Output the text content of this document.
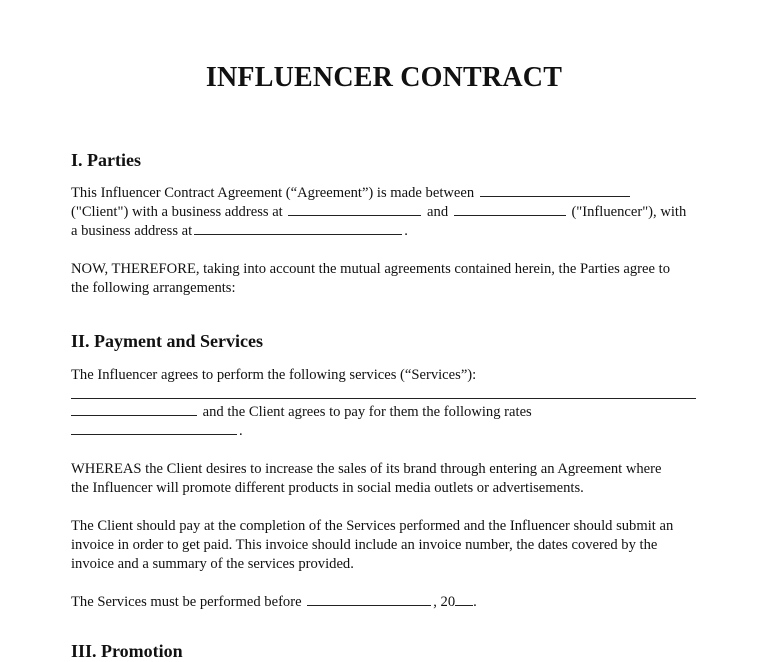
INFLUENCER CONTRACT
I. Parties
This Influencer Contract Agreement (“Agreement”) is made between
("Client") with a business address at	and	("Influencer"), with
a business address at	.
NOW, THEREFORE, taking into account the mutual agreements contained herein, the Parties agree to
the following arrangements:
II. Payment and Services
The Influencer agrees to perform the following services (“Services”):
and the Client agrees to pay for them the following rates
.
WHEREAS the Client desires to increase the sales of its brand through entering an Agreement where
the Influencer will promote different products in social media outlets or advertisements.
The Client should pay at the completion of the Services performed and the Influencer should submit an
invoice in order to get paid. This invoice should include an invoice number, the dates covered by the
invoice and a summary of the services provided.
The Services must be performed before	, 20 .
III. Promotion
